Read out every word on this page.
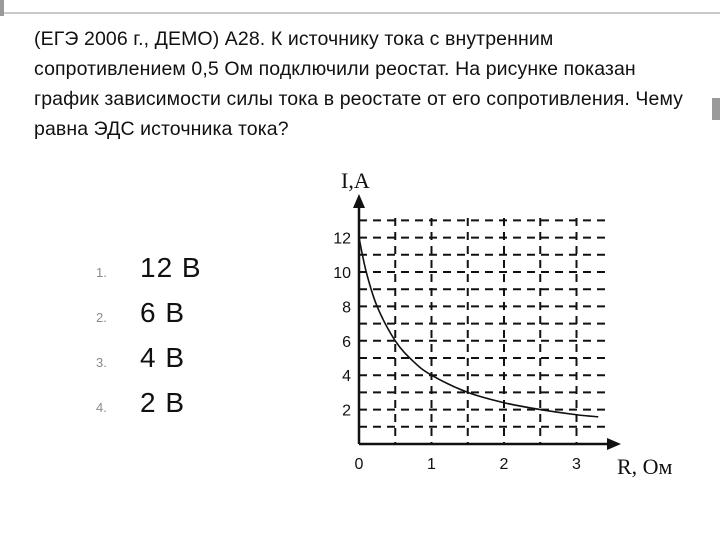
(ЕГЭ 2006 г., ДЕМО) А28. К источнику тока с внутренним сопротивлением 0,5 Ом подключили реостат. На рисунке показан график зависимости силы тока в реостате от его сопротивления. Чему равна ЭДС источника тока?
1.	12 В
2.	6 В
3.	4 В
4.	2 В	2
4
6
8
10
12
0	1	2	3
I,A
R, Ом
